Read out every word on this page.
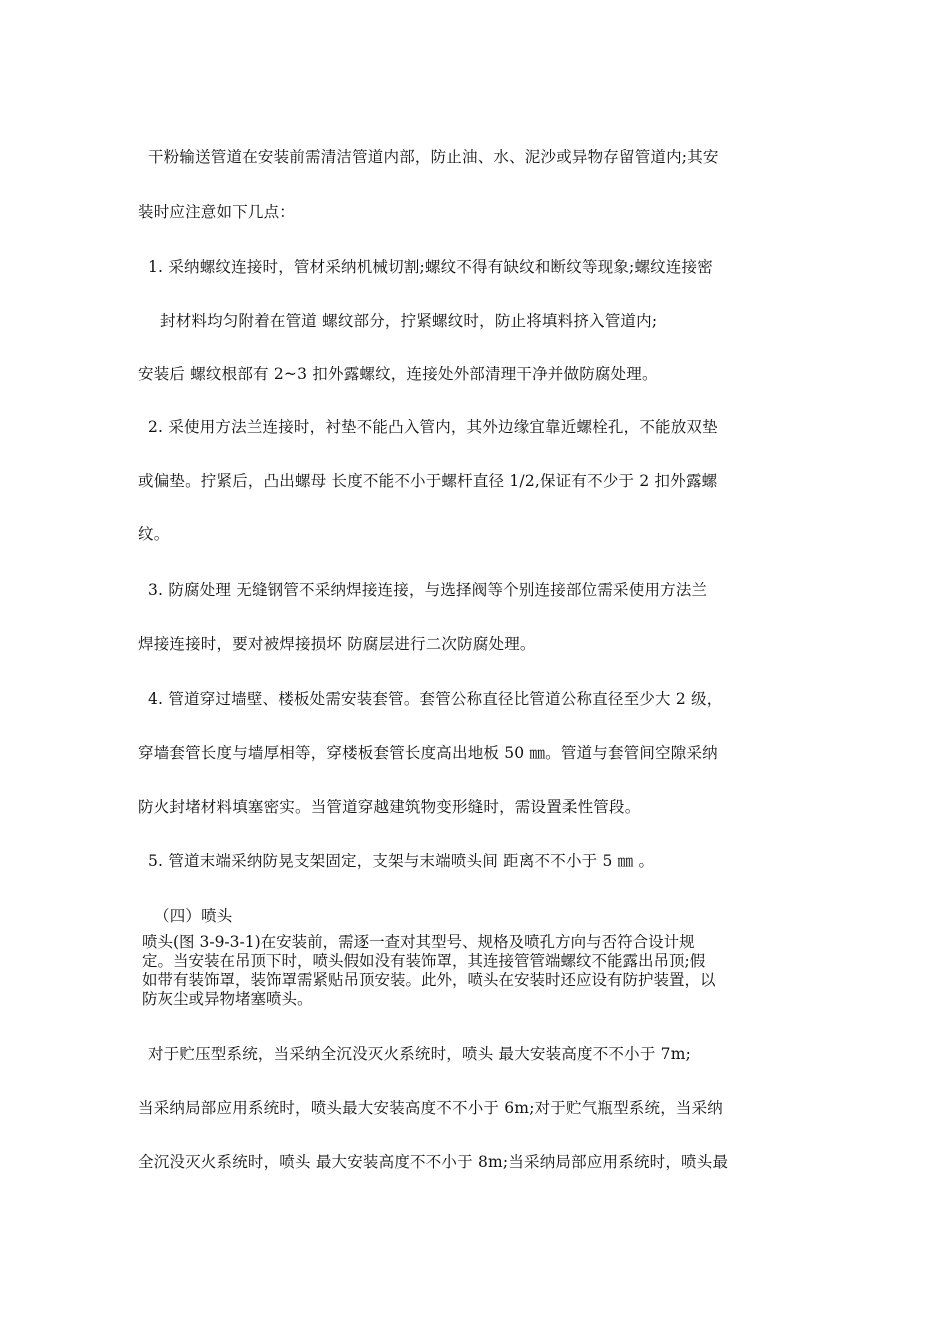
干粉输送管道在安装前需清洁管道内部，防止油、水、泥沙或异物存留管道内;其安
装时应注意如下几点：
1. 采纳螺纹连接时，管材采纳机械切割;螺纹不得有缺纹和断纹等现象;螺纹连接密
封材料均匀附着在管道 螺纹部分，拧紧螺纹时，防止将填料挤入管道内;
安装后 螺纹根部有 2~3 扣外露螺纹，连接处外部清理干净并做防腐处理。
2. 采使用方法兰连接时，衬垫不能凸入管内，其外边缘宜靠近螺栓孔，不能放双垫
或偏垫。拧紧后，凸出螺母 长度不能不小于螺杆直径 1/2,保证有不少于 2 扣外露螺
纹。
3. 防腐处理 无缝钢管不采纳焊接连接，与选择阀等个别连接部位需采使用方法兰
焊接连接时，要对被焊接损坏 防腐层进行二次防腐处理。
4. 管道穿过墙壁、楼板处需安装套管。套管公称直径比管道公称直径至少大 2 级，
穿墙套管长度与墙厚相等，穿楼板套管长度高出地板 50 ㎜。管道与套管间空隙采纳
防火封堵材料填塞密实。当管道穿越建筑物变形缝时，需设置柔性管段。
5. 管道末端采纳防晃支架固定，支架与末端喷头间 距离不不小于 5 ㎜ 。
（四）喷头
喷头(图 3-9-3-1)在安装前，需逐一查对其型号、规格及喷孔方向与否符合设计规
定。当安装在吊顶下时，喷头假如没有装饰罩，其连接管管端螺纹不能露出吊顶;假
如带有装饰罩，装饰罩需紧贴吊顶安装。此外，喷头在安装时还应设有防护装置，以
防灰尘或异物堵塞喷头。
对于贮压型系统，当采纳全沉没灭火系统时，喷头 最大安装高度不不小于 7m;
当采纳局部应用系统时，喷头最大安装高度不不小于 6m;对于贮气瓶型系统，当采纳
全沉没灭火系统时，喷头 最大安装高度不不小于 8m;当采纳局部应用系统时，喷头最
